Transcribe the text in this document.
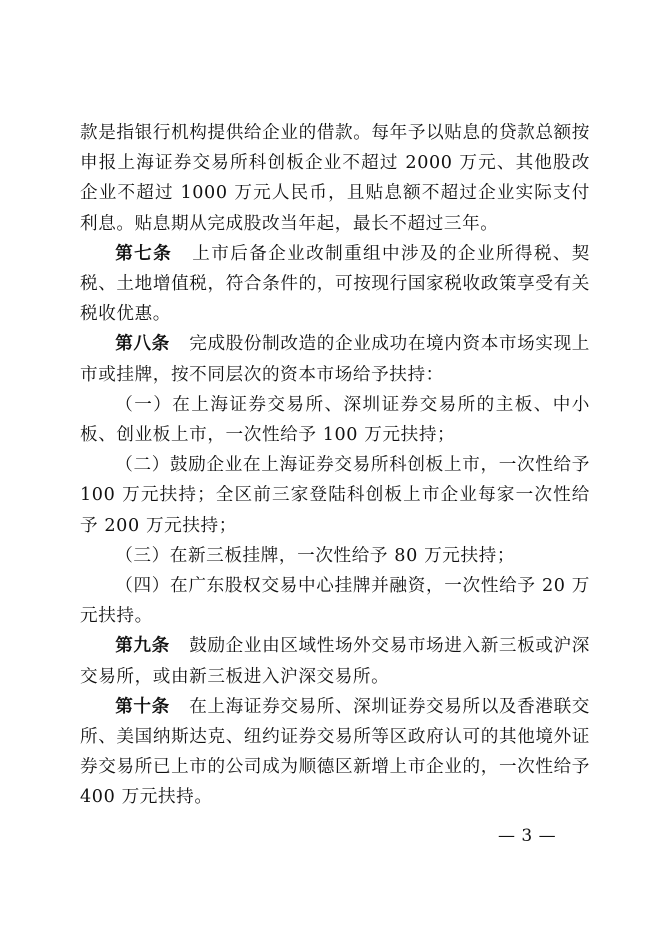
款是指银行机构提供给企业的借款。每年予以贴息的贷款总额按申报上海证券交易所科创板企业不超过 2000 万元、其他股改企业不超过 1000 万元人民币，且贴息额不超过企业实际支付利息。贴息期从完成股改当年起，最长不超过三年。

第七条 上市后备企业改制重组中涉及的企业所得税、契税、土地增值税，符合条件的，可按现行国家税收政策享受有关税收优惠。

第八条 完成股份制改造的企业成功在境内资本市场实现上市或挂牌，按不同层次的资本市场给予扶持：

（一）在上海证券交易所、深圳证券交易所的主板、中小板、创业板上市，一次性给予 100 万元扶持；

（二）鼓励企业在上海证券交易所科创板上市，一次性给予 100 万元扶持；全区前三家登陆科创板上市企业每家一次性给予 200 万元扶持；

（三）在新三板挂牌，一次性给予 80 万元扶持；

（四）在广东股权交易中心挂牌并融资，一次性给予 20 万元扶持。

第九条 鼓励企业由区域性场外交易市场进入新三板或沪深交易所，或由新三板进入沪深交易所。

第十条 在上海证券交易所、深圳证券交易所以及香港联交所、美国纳斯达克、纽约证券交易所等区政府认可的其他境外证券交易所已上市的公司成为顺德区新增上市企业的，一次性给予 400 万元扶持。

— 3 —
